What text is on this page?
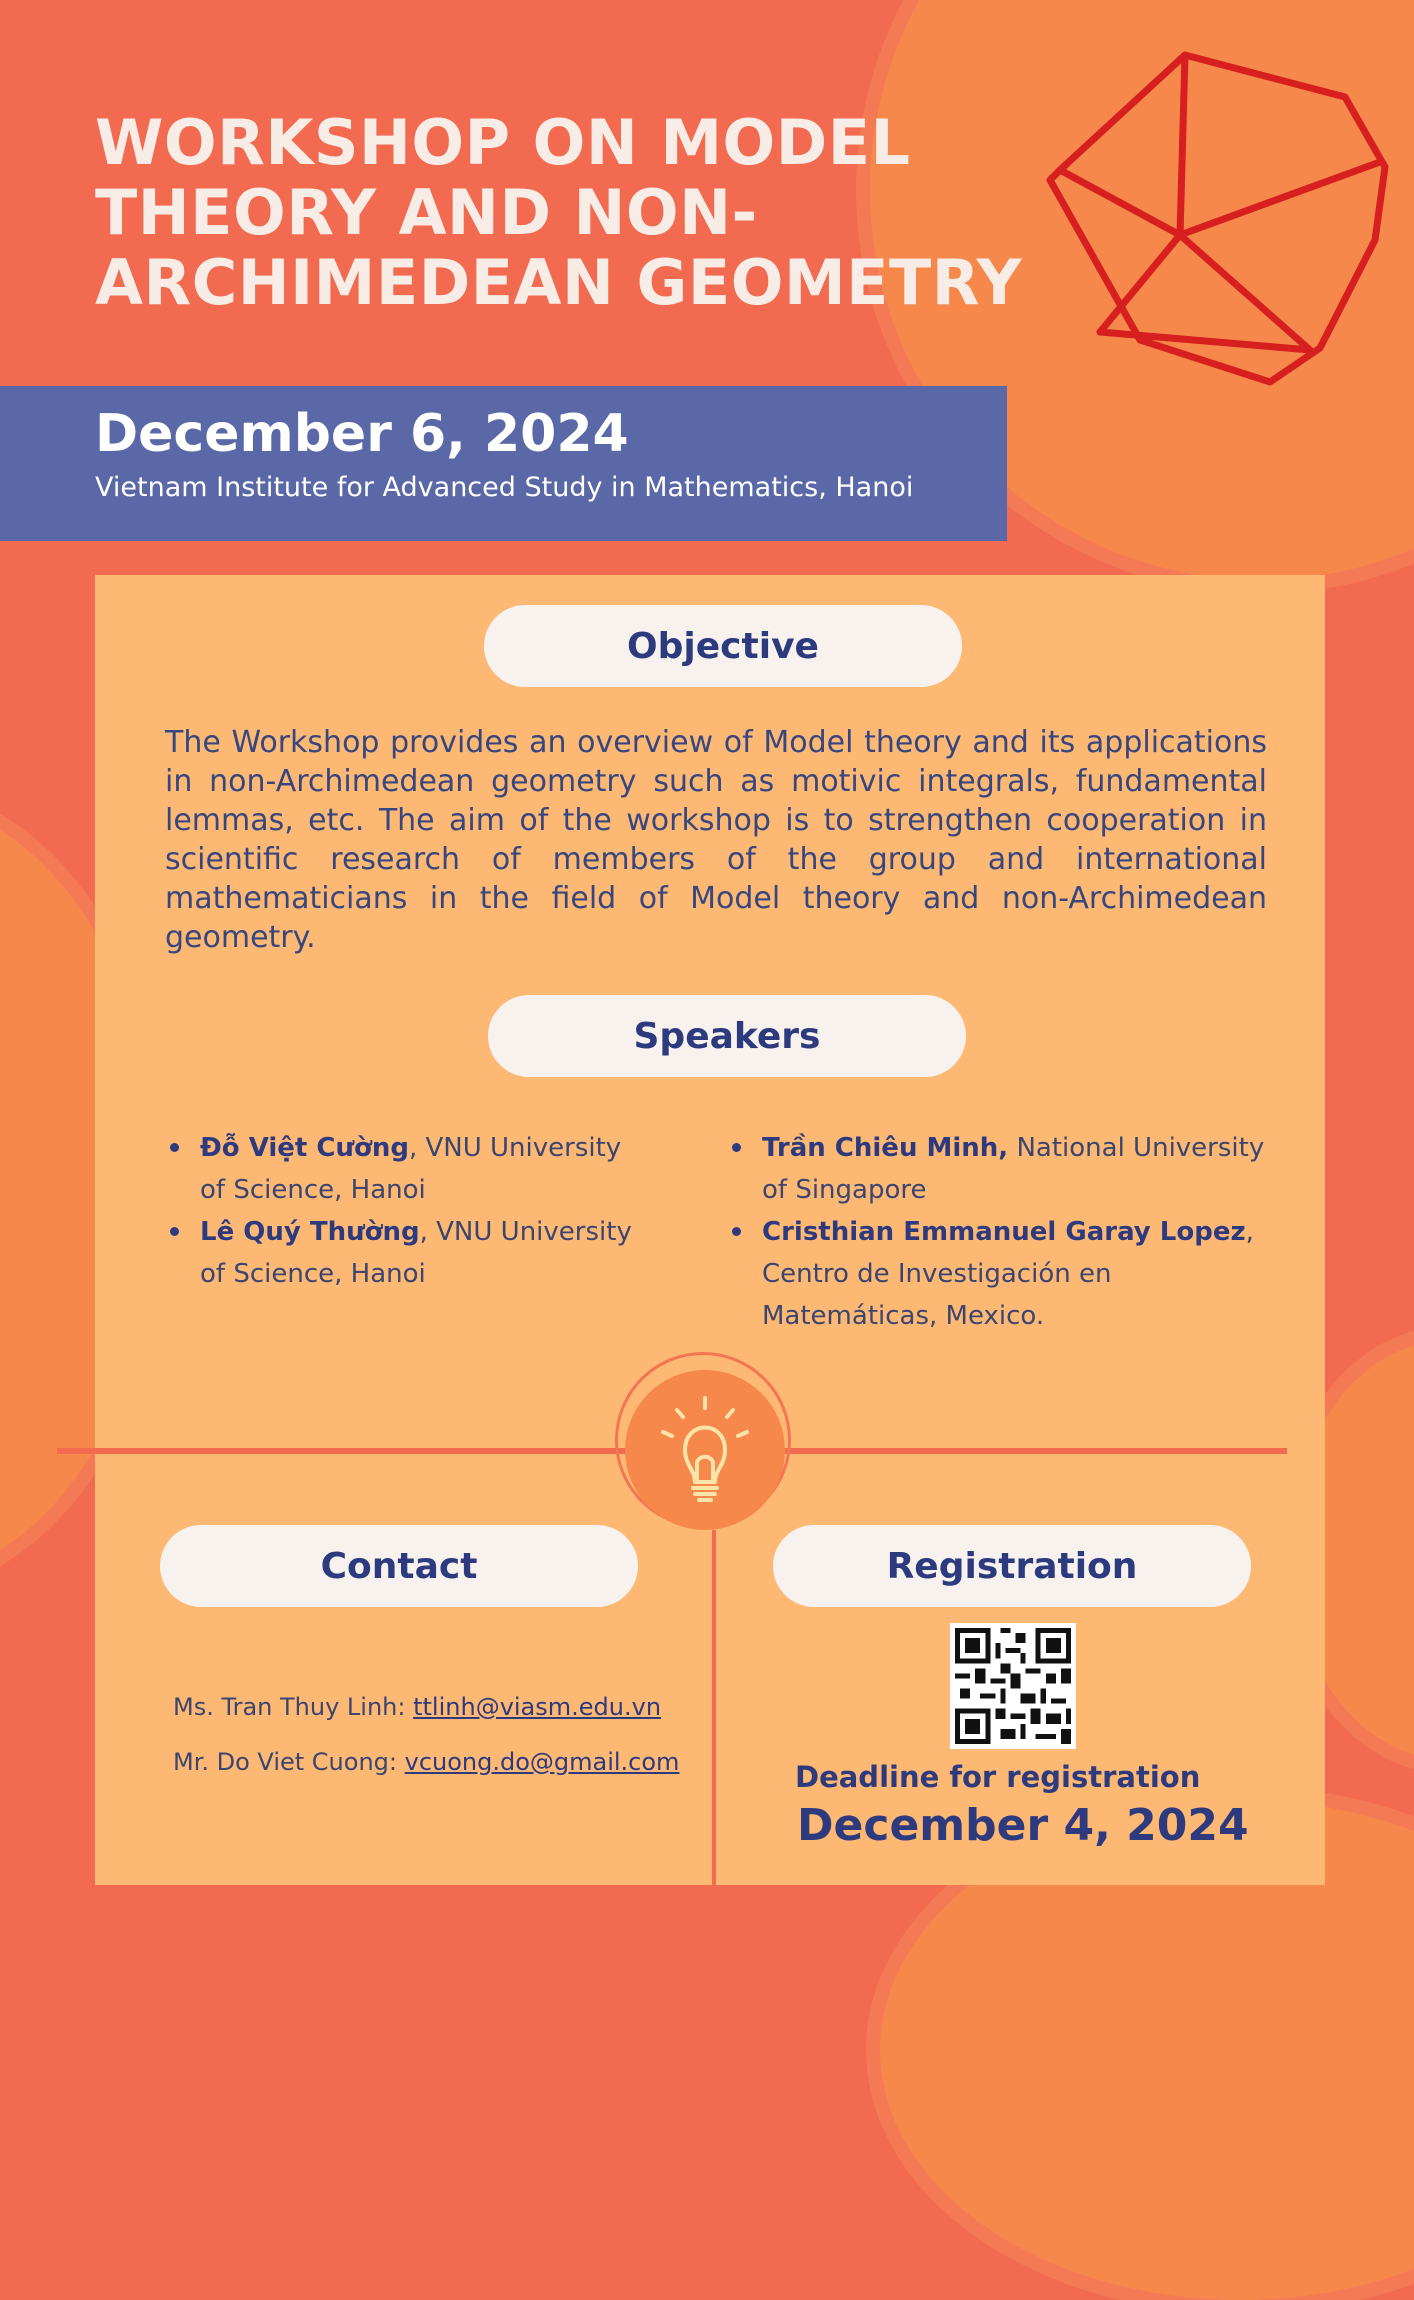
WORKSHOP ON MODEL
THEORY AND NON-
ARCHIMEDEAN GEOMETRY
December 6, 2024
Vietnam Institute for Advanced Study in Mathematics, Hanoi
Objective

The Workshop provides an overview of Model theory and its applications in non-Archimedean geometry such as motivic integrals, fundamental lemmas, etc. The aim of the workshop is to strengthen cooperation in scientific research of members of the group and international mathematicians in the field of Model theory and non-Archimedean geometry.

Speakers
Đỗ Việt Cường, VNU University of Science, Hanoi
Lê Quý Thường, VNU University of Science, Hanoi
Trần Chiêu Minh, National University of Singapore
Cristhian Emmanuel Garay Lopez, Centro de Investigación en Matemáticas, Mexico.
Contact
Ms. Tran Thuy Linh: ttlinh@viasm.edu.vn
Mr. Do Viet Cuong: vcuong.do@gmail.com
Registration
Deadline for registration
December 4, 2024
